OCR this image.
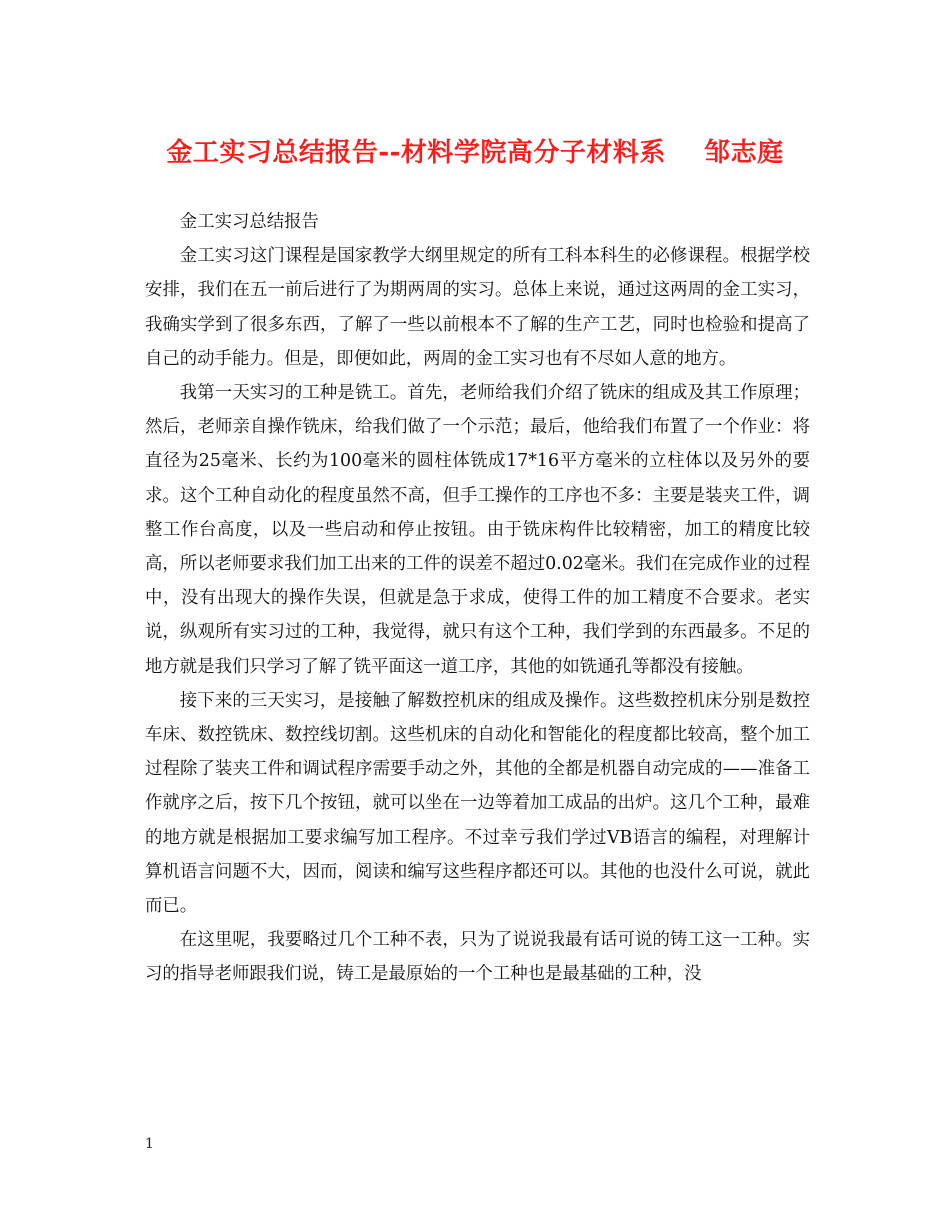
金工实习总结报告--材料学院高分子材料系    邹志庭

金工实习总结报告

金工实习这门课程是国家教学大纲里规定的所有工科本科生的必修课程。根据学校安排，我们在五一前后进行了为期两周的实习。总体上来说，通过这两周的金工实习，我确实学到了很多东西，了解了一些以前根本不了解的生产工艺，同时也检验和提高了自己的动手能力。但是，即便如此，两周的金工实习也有不尽如人意的地方。

我第一天实习的工种是铣工。首先，老师给我们介绍了铣床的组成及其工作原理；然后，老师亲自操作铣床，给我们做了一个示范；最后，他给我们布置了一个作业：将直径为25毫米、长约为100毫米的圆柱体铣成17*16平方毫米的立柱体以及另外的要求。这个工种自动化的程度虽然不高，但手工操作的工序也不多：主要是装夹工件，调整工作台高度，以及一些启动和停止按钮。由于铣床构件比较精密，加工的精度比较高，所以老师要求我们加工出来的工件的误差不超过0.02毫米。我们在完成作业的过程中，没有出现大的操作失误，但就是急于求成，使得工件的加工精度不合要求。老实说，纵观所有实习过的工种，我觉得，就只有这个工种，我们学到的东西最多。不足的地方就是我们只学习了解了铣平面这一道工序，其他的如铣通孔等都没有接触。

接下来的三天实习，是接触了解数控机床的组成及操作。这些数控机床分别是数控车床、数控铣床、数控线切割。这些机床的自动化和智能化的程度都比较高，整个加工过程除了装夹工件和调试程序需要手动之外，其他的全都是机器自动完成的——准备工作就序之后，按下几个按钮，就可以坐在一边等着加工成品的出炉。这几个工种，最难的地方就是根据加工要求编写加工程序。不过幸亏我们学过VB语言的编程，对理解计算机语言问题不大，因而，阅读和编写这些程序都还可以。其他的也没什么可说，就此而已。

在这里呢，我要略过几个工种不表，只为了说说我最有话可说的铸工这一工种。实习的指导老师跟我们说，铸工是最原始的一个工种也是最基础的工种，没

1
